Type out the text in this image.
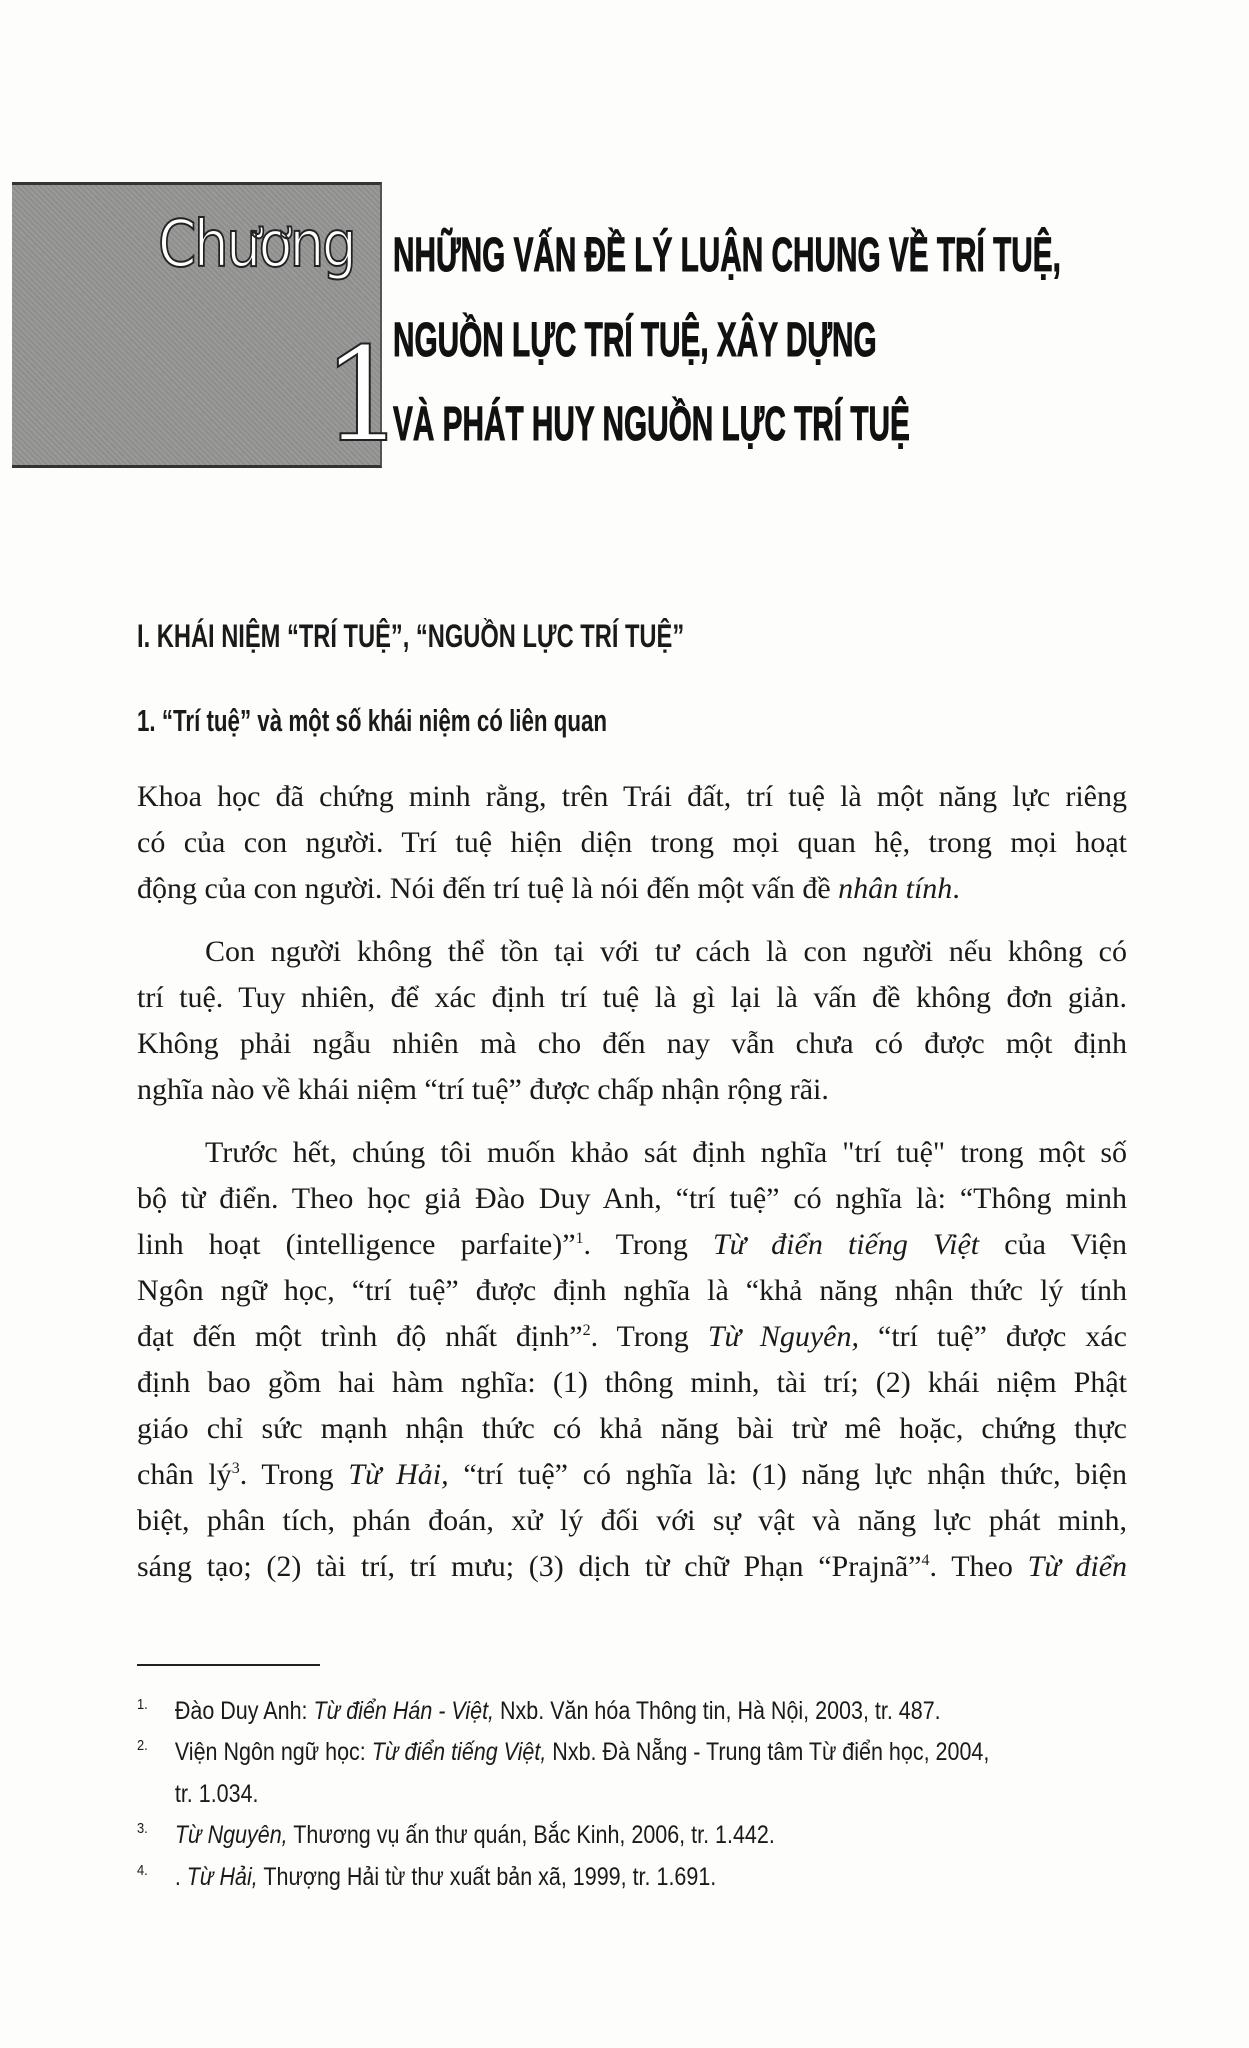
Chương
1
NHỮNG VẤN ĐỀ LÝ LUẬN CHUNG VỀ TRÍ TUỆ,
NGUỒN LỰC TRÍ TUỆ, XÂY DỰNG
VÀ PHÁT HUY NGUỒN LỰC TRÍ TUỆ
I. KHÁI NIỆM “TRÍ TUỆ”, “NGUỒN LỰC TRÍ TUỆ”
1. “Trí tuệ” và một số khái niệm có liên quan
Khoa học đã chứng minh rằng, trên Trái đất, trí tuệ là một năng lực riêng
có của con người. Trí tuệ hiện diện trong mọi quan hệ, trong mọi hoạt
động của con người. Nói đến trí tuệ là nói đến một vấn đề nhân tính.
Con người không thể tồn tại với tư cách là con người nếu không có
trí tuệ. Tuy nhiên, để xác định trí tuệ là gì lại là vấn đề không đơn giản.
Không phải ngẫu nhiên mà cho đến nay vẫn chưa có được một định
nghĩa nào về khái niệm “trí tuệ” được chấp nhận rộng rãi.
Trước hết, chúng tôi muốn khảo sát định nghĩa "trí tuệ" trong một số
bộ từ điển. Theo học giả Đào Duy Anh, “trí tuệ” có nghĩa là: “Thông minh
linh hoạt (intelligence parfaite)”$^1$. Trong Từ điển tiếng Việt của Viện
Ngôn ngữ học, “trí tuệ” được định nghĩa là “khả năng nhận thức lý tính
đạt đến một trình độ nhất định”$^2$. Trong Từ Nguyên, “trí tuệ” được xác
định bao gồm hai hàm nghĩa: (1) thông minh, tài trí; (2) khái niệm Phật
giáo chỉ sức mạnh nhận thức có khả năng bài trừ mê hoặc, chứng thực
chân $lý^3$. Trong Từ Hải, “trí tuệ” có nghĩa là: (1) năng lực nhận thức, biện
biệt, phân tích, phán đoán, xử lý đối với sự vật và năng lực phát minh,
sáng tạo; (2) tài trí, trí mưu; (3) dịch từ chữ Phạn “Prajnã”$^4$. Theo Từ điển
1. Đào Duy Anh: Từ điển Hán - Việt, Nxb. Văn hóa Thông tin, Hà Nội, 2003, tr. 487.
2. Viện Ngôn ngữ học: Từ điển tiếng Việt, Nxb. Đà Nẵng - Trung tâm Từ điển học, 2004,
tr. 1.034.
3. Từ Nguyên, Thương vụ ấn thư quán, Bắc Kinh, 2006, tr. 1.442.
4. . Từ Hải, Thượng Hải từ thư xuất bản xã, 1999, tr. 1.691.
